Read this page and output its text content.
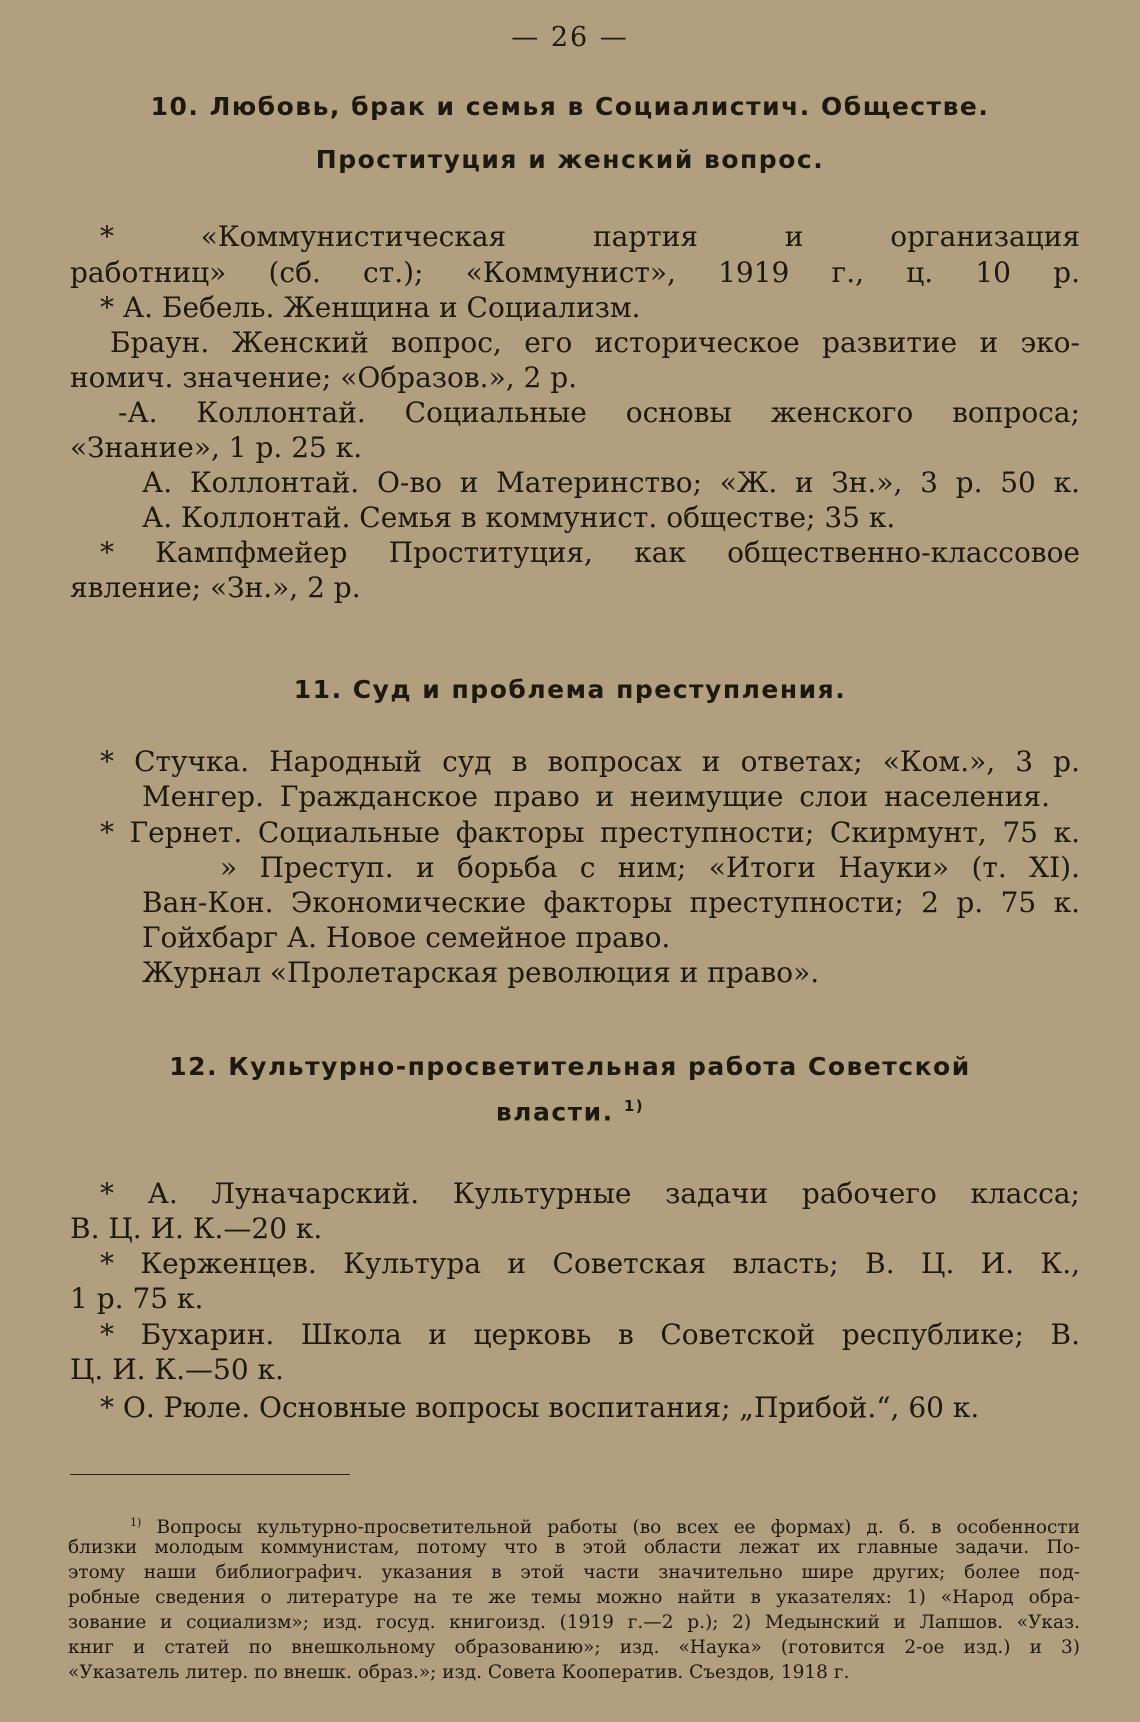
— 26 —
10. Любовь, брак и семья в Социалистич. Обществе.
Проституция и женский вопрос.
* «Коммунистическая партия и организация
работниц» (сб. ст.); «Коммунист», 1919 г., ц. 10 р.
* А. Бебель. Женщина и Социализм.
Браун. Женский вопрос, его историческое развитие и эко-
номич. значение; «Образов.», 2 р.
-А. Коллонтай. Социальные основы женского вопроса;
«Знание», 1 р. 25 к.
А. Коллонтай. О-во и Материнство; «Ж. и Зн.», 3 р. 50 к.
А. Коллонтай. Семья в коммунист. обществе; 35 к.
* Кампфмейер Проституция, как общественно-классовое
явление; «Зн.», 2 р.
11. Суд и проблема преступления.
* Стучка. Народный суд в вопросах и ответах; «Ком.», 3 р.
Менгер. Гражданское право и неимущие слои населения.
* Гернет. Социальные факторы преступности; Скирмунт, 75 к.
» Преступ. и борьба с ним; «Итоги Науки» (т. XI).
Ван-Кон. Экономические факторы преступности; 2 р. 75 к.
Гойхбарг А. Новое семейное право.
Журнал «Пролетарская революция и право».
12. Культурно-просветительная работа Советской
власти. $^{1)}$
* А. Луначарский. Культурные задачи рабочего класса;
В. Ц. И. К.—20 к.
* Керженцев. Культура и Советская власть; В. Ц. И. К.,
1 р. 75 к.
* Бухарин. Школа и церковь в Советской республике; В.
Ц. И. К.—50 к.
* О. Рюле. Основные вопросы воспитания; „Прибой.“, 60 к.
$^{1)}$ Вопросы культурно-просветительной работы (во всех ее формах) д. б. в особенности
близки молодым коммунистам, потому что в этой области лежат их главные задачи. По-
этому наши библиографич. указания в этой части значительно шире других; более под-
робные сведения о литературе на те же темы можно найти в указателях: 1) «Народ обра-
зование и социализм»; изд. госуд. книгоизд. (1919 г.—2 р.); 2) Медынский и Лапшов. «Указ.
книг и статей по внешкольному образованию»; изд. «Наука» (готовится 2-ое изд.) и 3)
«Указатель литер. по внешк. образ.»; изд. Совета Кооператив. Съездов, 1918 г.
